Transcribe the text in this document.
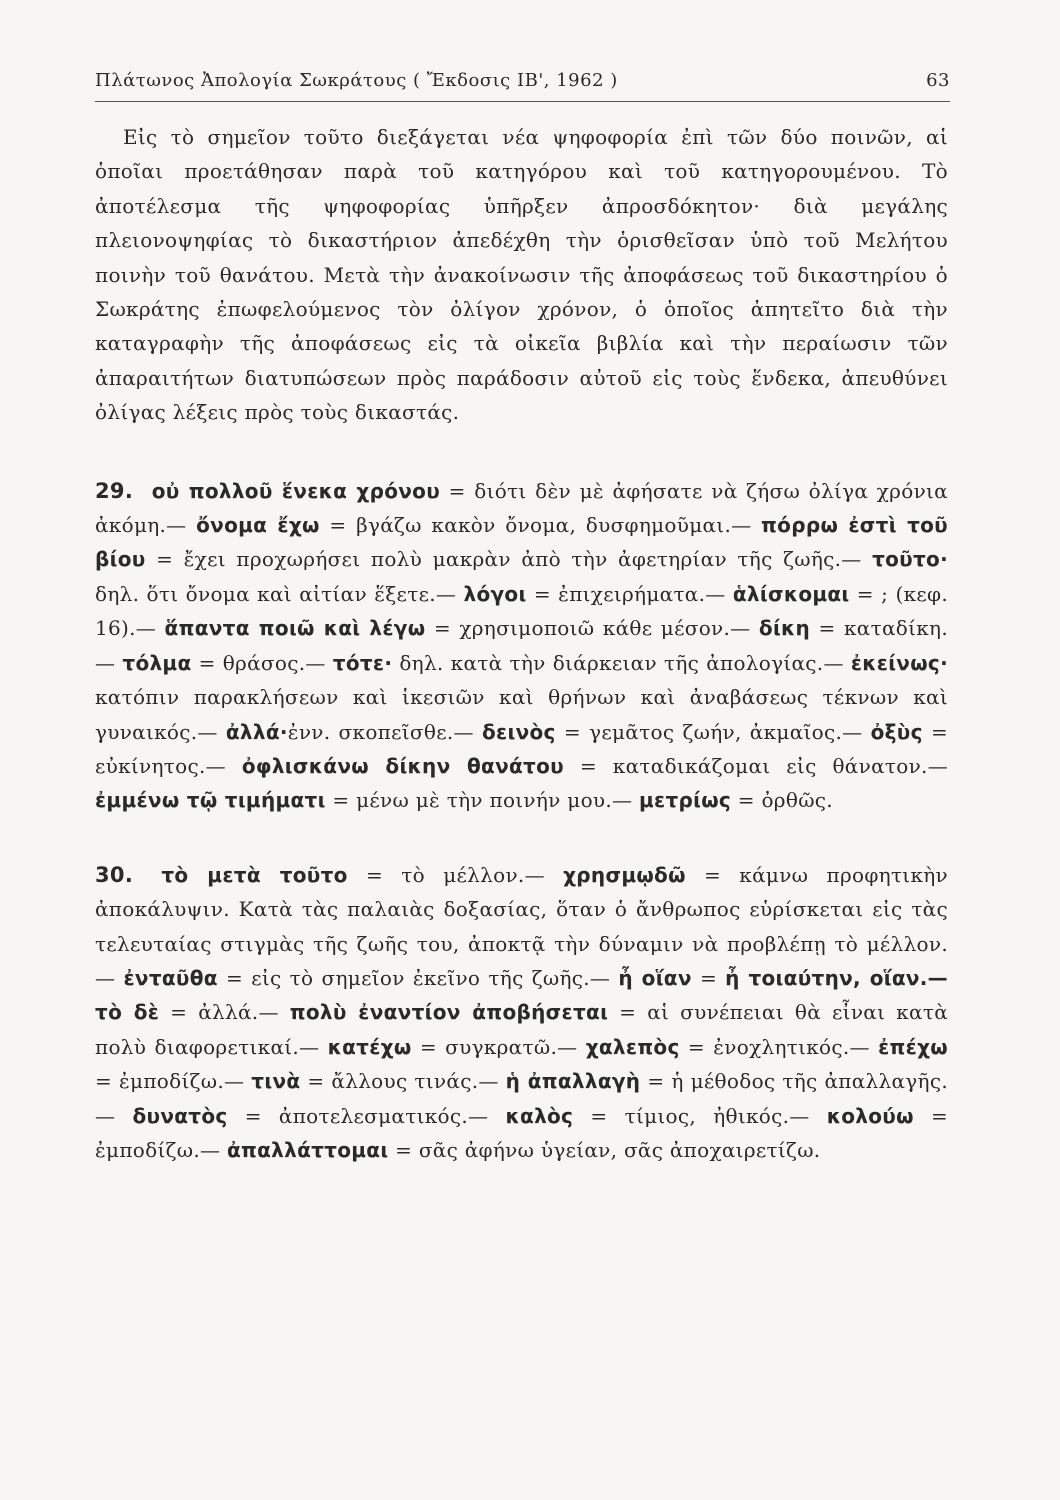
Πλάτωνος Ἀπολογία Σωκράτους ( Ἔκδοσις ΙΒ', 1962 )	63

Εἰς τὸ σημεῖον τοῦτο διεξάγεται νέα ψηφοφορία ἐπὶ τῶν δύο ποινῶν, αἱ ὁποῖαι προετάθησαν παρὰ τοῦ κατηγόρου καὶ τοῦ κατηγορουμένου. Τὸ ἀποτέλεσμα τῆς ψηφοφορίας ὑπῆρξεν ἀπροσδόκητον· διὰ μεγάλης πλειονοψηφίας τὸ δικαστήριον ἀπεδέχθη τὴν ὁρισθεῖσαν ὑπὸ τοῦ Μελήτου ποινὴν τοῦ θανάτου. Μετὰ τὴν ἀνακοίνωσιν τῆς ἀποφάσεως τοῦ δικαστηρίου ὁ Σωκράτης ἐπωφελούμενος τὸν ὀλίγον χρόνον, ὁ ὁποῖος ἀπητεῖτο διὰ τὴν καταγραφὴν τῆς ἀποφάσεως εἰς τὰ οἰκεῖα βιβλία καὶ τὴν περαίωσιν τῶν ἀπαραιτήτων διατυπώσεων πρὸς παράδοσιν αὐτοῦ εἰς τοὺς ἕνδεκα, ἀπευθύνει ὀλίγας λέξεις πρὸς τοὺς δικαστάς.

29. οὐ πολλοῦ ἕνεκα χρόνου = διότι δὲν μὲ ἀφήσατε νὰ ζήσω ὀλίγα χρόνια ἀκόμη.— ὄνομα ἔχω = βγάζω κακὸν ὄνομα, δυσφημοῦμαι.— πόρρω ἐστὶ τοῦ βίου = ἔχει προχωρήσει πολὺ μακρὰν ἀπὸ τὴν ἀφετηρίαν τῆς ζωῆς.— τοῦτο· δηλ. ὅτι ὄνομα καὶ αἰτίαν ἕξετε.— λόγοι = ἐπιχειρήματα.— ἁλίσκομαι = ; (κεφ. 16).— ἅπαντα ποιῶ καὶ λέγω = χρησιμοποιῶ κάθε μέσον.— δίκη = καταδίκη.— τόλμα = θράσος.— τότε· δηλ. κατὰ τὴν διάρκειαν τῆς ἀπολογίας.— ἐκείνως· κατόπιν παρακλήσεων καὶ ἱκεσιῶν καὶ θρήνων καὶ ἀναβάσεως τέκνων καὶ γυναικός.— ἀλλά·ἐνν. σκοπεῖσθε.— δεινὸς = γεμᾶτος ζωήν, ἀκμαῖος.— ὀξὺς = εὐκίνητος.— ὀφλισκάνω δίκην θανάτου = καταδικάζομαι εἰς θάνατον.— ἐμμένω τῷ τιμήματι = μένω μὲ τὴν ποινήν μου.— μετρίως = ὀρθῶς.

30. τὸ μετὰ τοῦτο = τὸ μέλλον.— χρησμῳδῶ = κάμνω προφητικὴν ἀποκάλυψιν. Κατὰ τὰς παλαιὰς δοξασίας, ὅταν ὁ ἄνθρωπος εὑρίσκεται εἰς τὰς τελευταίας στιγμὰς τῆς ζωῆς του, ἀποκτᾷ τὴν δύναμιν νὰ προβλέπῃ τὸ μέλλον.— ἐνταῦθα = εἰς τὸ σημεῖον ἐκεῖνο τῆς ζωῆς.— ἦ οἵαν = ἦ τοιαύτην, οἵαν.— τὸ δὲ = ἀλλά.— πολὺ ἐναντίον ἀποβήσεται = αἱ συνέπειαι θὰ εἶναι κατὰ πολὺ διαφορετικαί.— κατέχω = συγκρατῶ.— χαλεπὸς = ἐνοχλητικός.— ἐπέχω = ἐμποδίζω.— τινὰ = ἄλλους τινάς.— ἡ ἀπαλλαγὴ = ἡ μέθοδος τῆς ἀπαλλαγῆς.— δυνατὸς = ἀποτελεσματικός.— καλὸς = τίμιος, ἠθικός.— κολούω = ἐμποδίζω.— ἀπαλλάττομαι = σᾶς ἀφήνω ὑγείαν, σᾶς ἀποχαιρετίζω.
